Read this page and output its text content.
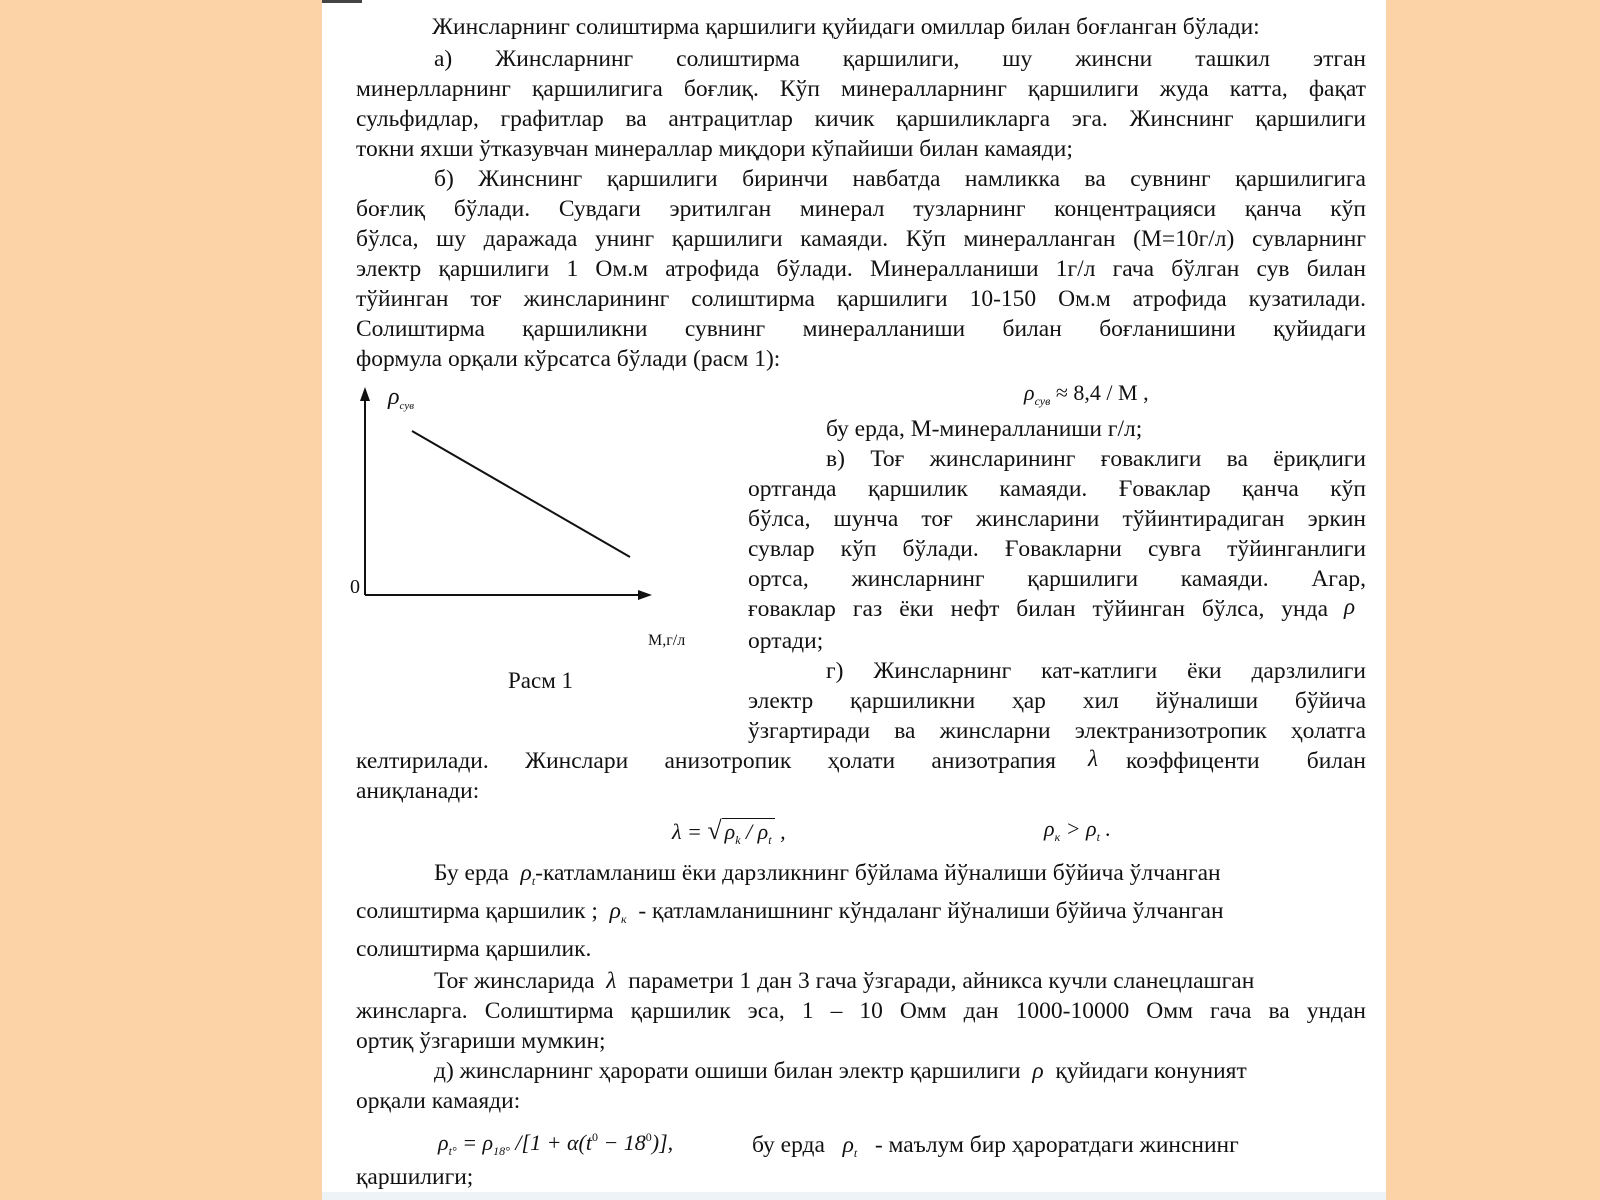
Жинсларнинг солиштирма қаршилиги қуйидаги омиллар билан боғланган бўлади:
а) Жинсларнинг солиштирма қаршилиги, шу жинсни ташкил этган
минерлларнинг қаршилигига боғлиқ. Кўп минералларнинг қаршилиги жуда катта, фақат
сульфидлар, графитлар ва антрацитлар кичик қаршиликларга эга. Жинснинг қаршилиги
токни яхши ўтказувчан минераллар миқдори кўпайиши билан камаяди;
б) Жинснинг қаршилиги биринчи навбатда намликка ва сувнинг қаршилигига
боғлиқ бўлади. Сувдаги эритилган минерал тузларнинг концентрацияси қанча кўп
бўлса, шу даражада унинг қаршилиги камаяди. Кўп минералланган (М=10г/л) сувларнинг
электр қаршилиги 1 Ом.м атрофида бўлади. Минералланиши 1г/л гача бўлган сув билан
тўйинган тоғ жинсларининг солиштирма қаршилиги 10-150 Ом.м атрофида кузатилади.
Солиштирма қаршиликни сувнинг минералланиши билан боғланишини қуйидаги
формула орқали кўрсатса бўлади (расм 1):
$\rho_{сув} \approx 8,4 / M$ ,
$\rho_{сув}$
0
М,г/л
Расм 1
бу ерда, М-минералланиши г/л;
в) Тоғ жинсларининг ғоваклиги ва ёриқлиги
ортганда қаршилик камаяди. Ғоваклар қанча кўп
бўлса, шунча тоғ жинсларини тўйинтирадиган эркин
сувлар кўп бўлади. Ғовакларни сувга тўйинганлиги
ортса, жинсларнинг қаршилиги камаяди. Агар,
ғоваклар газ ёки нефт билан тўйинган бўлса, унда ρ
ортади;
г) Жинсларнинг кат-катлиги ёки дарзлилиги
электр қаршиликни ҳар хил йўналиши бўйича
ўзгартиради ва жинсларни электранизотропик ҳолатга
келтирилади. Жинслари анизотропик ҳолати анизотрапия λ коэффиценти билан
аниқланади:
λ = √ $\rho_k / \rho_t$ ,	$\rho_к > \rho_t$ .
Бу ерда $\rho_t$-катламланиш ёки дарзликнинг бўйлама йўналиши бўйича ўлчанган
солиштирма қаршилик ; $\rho_к$ - қатламланишнинг кўндаланг йўналиши бўйича ўлчанган
солиштирма қаршилик.
Тоғ жинсларида λ параметри 1 дан 3 гача ўзгаради, айникса кучли сланецлашган
жинсларга. Солиштирма қаршилик эса, 1 – 10 Омм дан 1000-10000 Омм гача ва ундан
ортиқ ўзгариши мумкин;
д) жинсларнинг ҳарорати ошиши билан электр қаршилиги ρ қуйидаги конуният
орқали камаяди:
$\rho_{t^\circ} = \rho_{18^\circ}$ $/[1 + \alpha(t^0 - 18^0)]$,	бу ерда $\rho_t$ - маълум бир ҳароратдаги жинснинг
қаршилиги;
